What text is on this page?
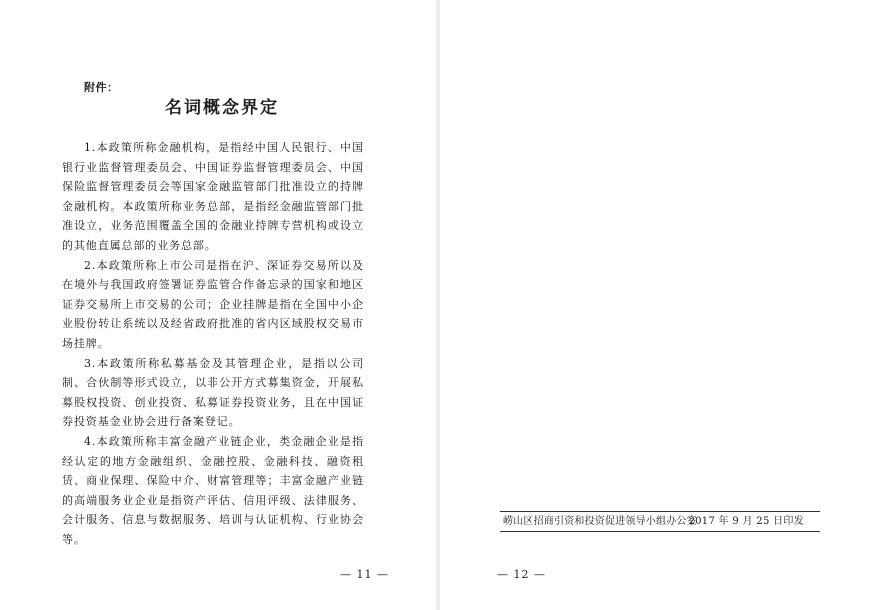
附件：
名词概念界定

1.本政策所称金融机构，是指经中国人民银行、中国银行业监督管理委员会、中国证券监督管理委员会、中国保险监督管理委员会等国家金融监管部门批准设立的持牌金融机构。本政策所称业务总部，是指经金融监管部门批准设立，业务范围覆盖全国的金融业持牌专营机构或设立的其他直属总部的业务总部。

2.本政策所称上市公司是指在沪、深证券交易所以及在境外与我国政府签署证券监管合作备忘录的国家和地区证券交易所上市交易的公司；企业挂牌是指在全国中小企业股份转让系统以及经省政府批准的省内区域股权交易市场挂牌。

3.本政策所称私募基金及其管理企业，是指以公司制、合伙制等形式设立，以非公开方式募集资金，开展私募股权投资、创业投资、私募证券投资业务，且在中国证券投资基金业协会进行备案登记。

4.本政策所称丰富金融产业链企业，类金融企业是指经认定的地方金融组织、金融控股、金融科技、融资租赁、商业保理、保险中介、财富管理等；丰富金融产业链的高端服务业企业是指资产评估、信用评级、法律服务、会计服务、信息与数据服务、培训与认证机构、行业协会等。

— 11 —
崂山区招商引资和投资促进领导小组办公室
2017 年 9 月 25 日印发
— 12 —
